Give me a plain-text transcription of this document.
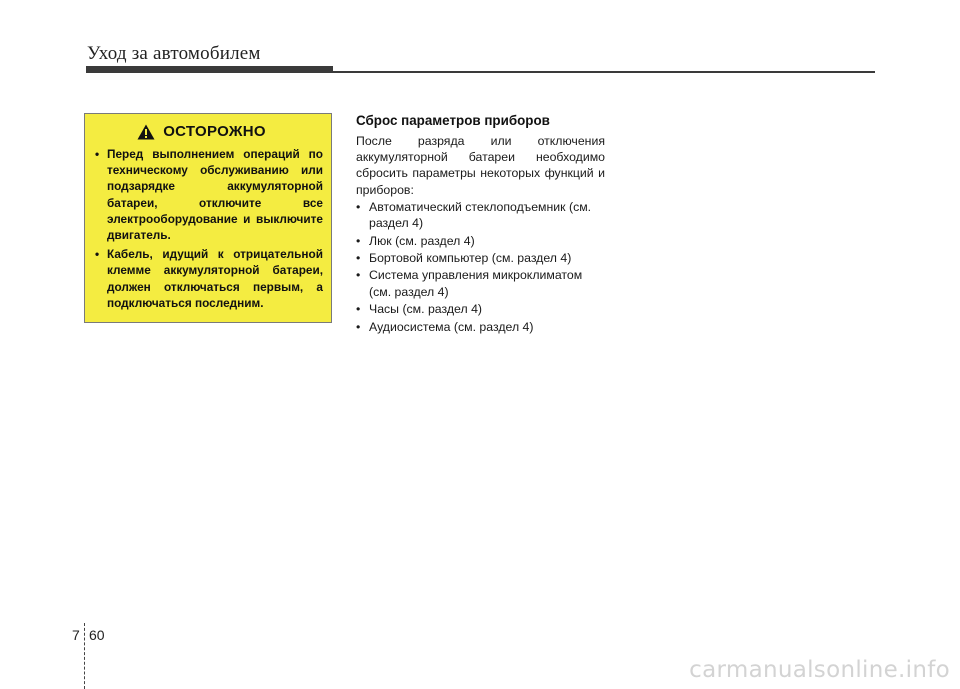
Уход за автомобилем
ОСТОРОЖНО
• Перед выполнением операций по техническому обслуживанию или подзарядке аккумуляторной батареи, отключите все электрооборудование и выключите двигатель.
• Кабель, идущий к отрицательной клемме аккумуляторной батареи, должен отключаться первым, а подключаться последним.
Сброс параметров приборов
После разряда или отключения аккумуляторной батареи необходимо сбросить параметры некоторых функций и приборов:
• Автоматический стеклоподъемник (см. раздел 4)
• Люк (см. раздел 4)
• Бортовой компьютер (см. раздел 4)
• Система управления микроклиматом (см. раздел 4)
• Часы (см. раздел 4)
• Аудиосистема (см. раздел 4)
7 60
carmanualsonline.info
